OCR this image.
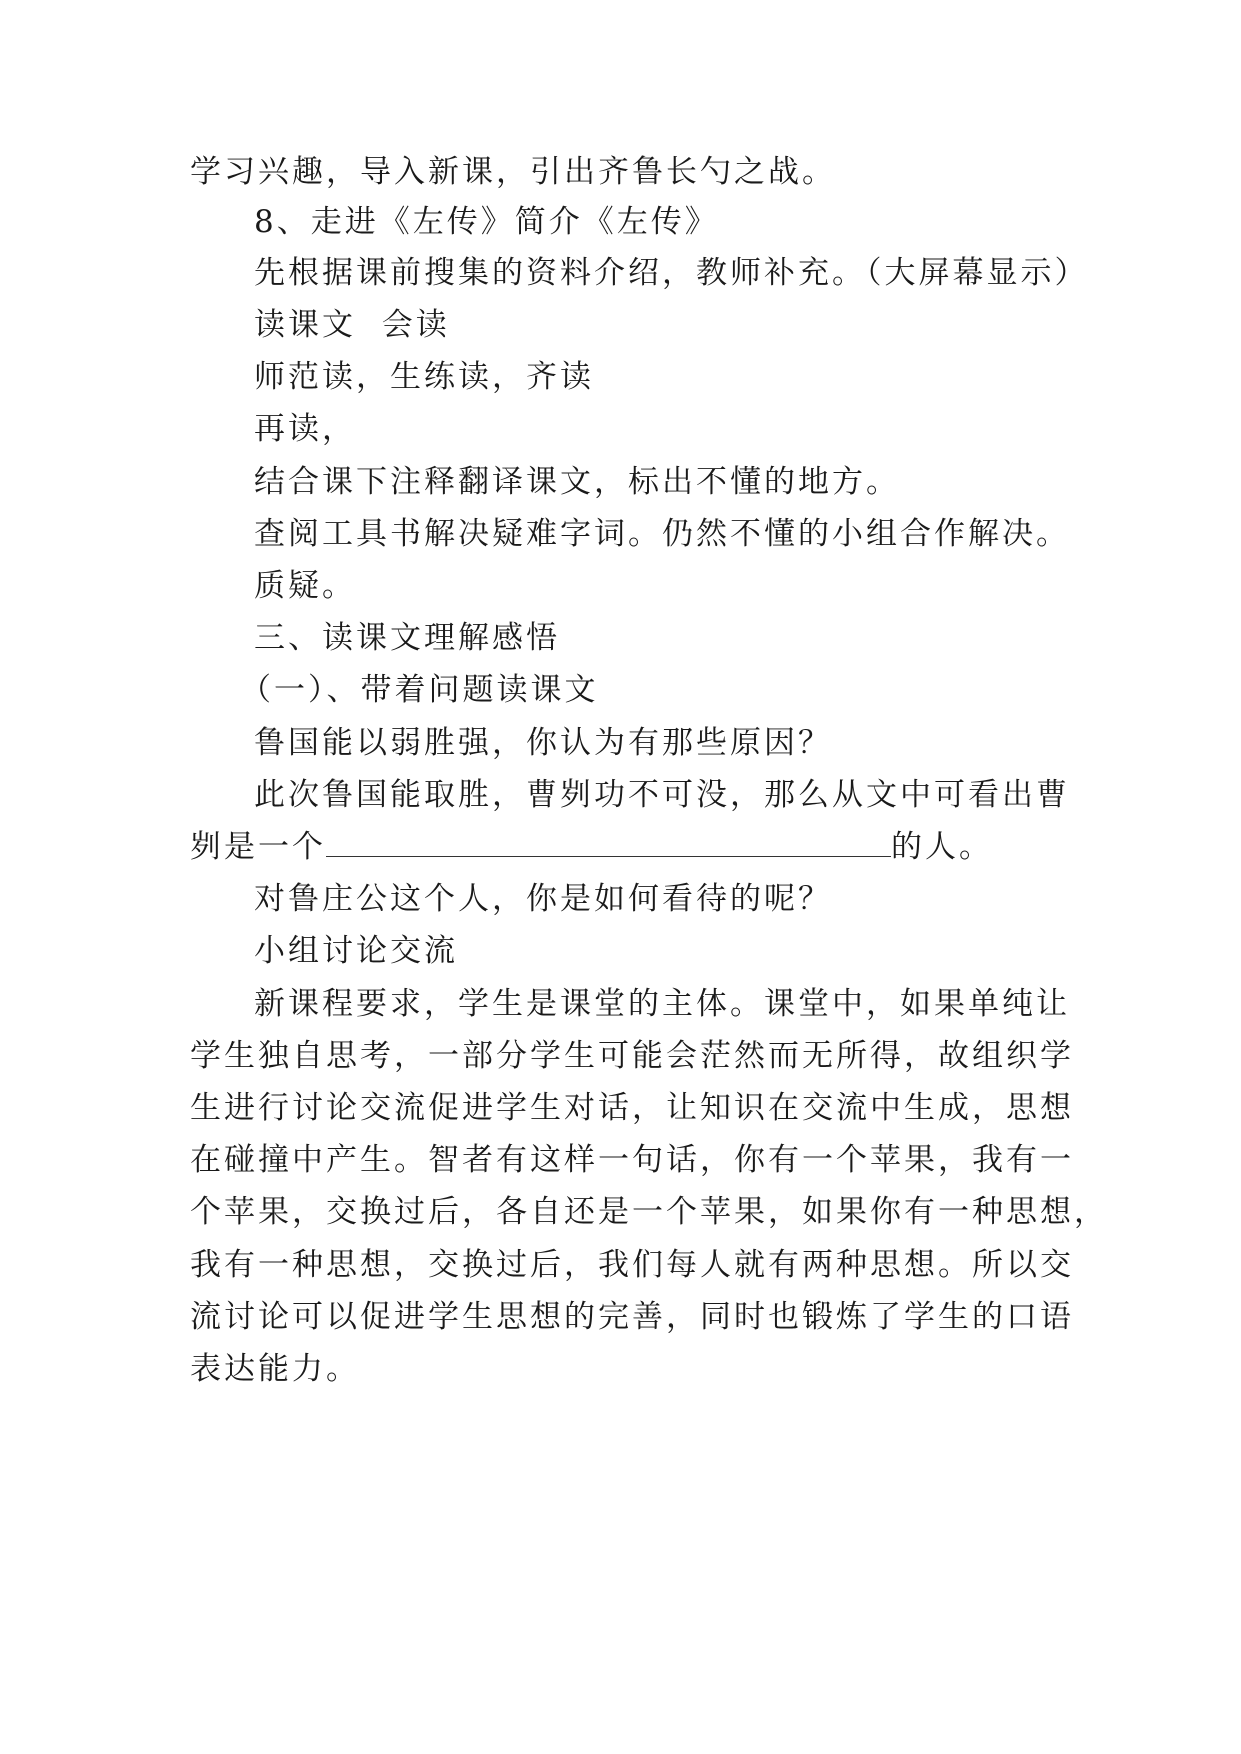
学习兴趣，导入新课，引出齐鲁长勺之战。
8、走进《左传》简介《左传》
先根据课前搜集的资料介绍，教师补充。（大屏幕显示）
读课文  会读
师范读，生练读，齐读
再读，
结合课下注释翻译课文，标出不懂的地方。
查阅工具书解决疑难字词。仍然不懂的小组合作解决。
质疑。
三、读课文理解感悟
（一）、带着问题读课文
鲁国能以弱胜强，你认为有那些原因？
此次鲁国能取胜，曹刿功不可没，那么从文中可看出曹
刿是一个	的人。
对鲁庄公这个人，你是如何看待的呢？
小组讨论交流
新课程要求，学生是课堂的主体。课堂中，如果单纯让
学生独自思考，一部分学生可能会茫然而无所得，故组织学
生进行讨论交流促进学生对话，让知识在交流中生成，思想
在碰撞中产生。智者有这样一句话，你有一个苹果，我有一
个苹果，交换过后，各自还是一个苹果，如果你有一种思想，
我有一种思想，交换过后，我们每人就有两种思想。所以交
流讨论可以促进学生思想的完善，同时也锻炼了学生的口语
表达能力。
